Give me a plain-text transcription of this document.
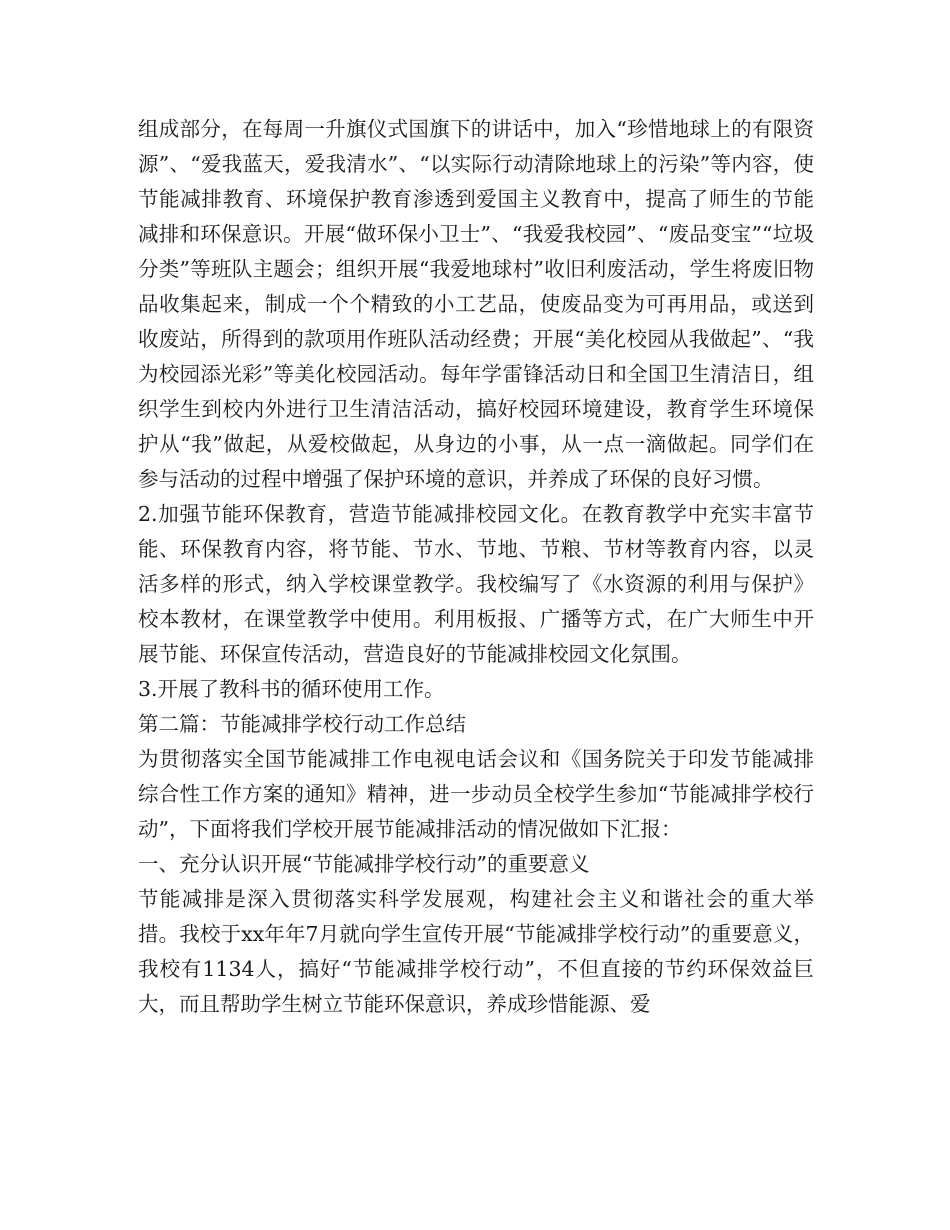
组成部分，在每周一升旗仪式国旗下的讲话中，加入“珍惜地球上的有限资源”、“爱我蓝天，爱我清水”、“以实际行动清除地球上的污染”等内容，使节能减排教育、环境保护教育渗透到爱国主义教育中，提高了师生的节能减排和环保意识。开展“做环保小卫士”、“我爱我校园”、“废品变宝”“垃圾分类”等班队主题会；组织开展“我爱地球村”收旧利废活动，学生将废旧物品收集起来，制成一个个精致的小工艺品，使废品变为可再用品，或送到收废站，所得到的款项用作班队活动经费；开展“美化校园从我做起”、“我为校园添光彩”等美化校园活动。每年学雷锋活动日和全国卫生清洁日，组织学生到校内外进行卫生清洁活动，搞好校园环境建设，教育学生环境保护从“我”做起，从爱校做起，从身边的小事，从一点一滴做起。同学们在参与活动的过程中增强了保护环境的意识，并养成了环保的良好习惯。

2.加强节能环保教育，营造节能减排校园文化。在教育教学中充实丰富节能、环保教育内容，将节能、节水、节地、节粮、节材等教育内容，以灵活多样的形式，纳入学校课堂教学。我校编写了《水资源的利用与保护》校本教材，在课堂教学中使用。利用板报、广播等方式，在广大师生中开展节能、环保宣传活动，营造良好的节能减排校园文化氛围。

3.开展了教科书的循环使用工作。

第二篇：节能减排学校行动工作总结

为贯彻落实全国节能减排工作电视电话会议和《国务院关于印发节能减排综合性工作方案的通知》精神，进一步动员全校学生参加“节能减排学校行动”，下面将我们学校开展节能减排活动的情况做如下汇报：

一、充分认识开展“节能减排学校行动”的重要意义

节能减排是深入贯彻落实科学发展观，构建社会主义和谐社会的重大举措。我校于xx年年7月就向学生宣传开展“节能减排学校行动”的重要意义，我校有1134人，搞好“节能减排学校行动”，不但直接的节约环保效益巨大，而且帮助学生树立节能环保意识，养成珍惜能源、爱
